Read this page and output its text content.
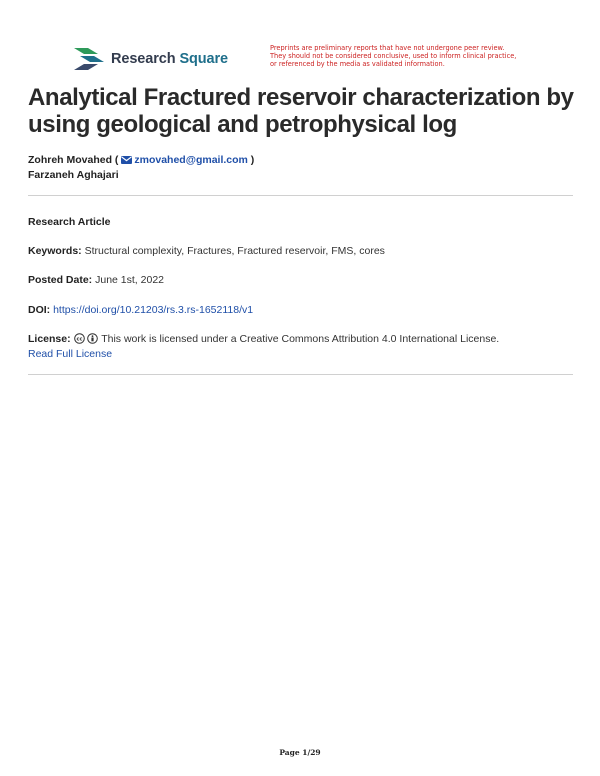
Research Square
Preprints are preliminary reports that have not undergone peer review.
They should not be considered conclusive, used to inform clinical practice,
or referenced by the media as validated information.
Analytical Fractured reservoir characterization by using geological and petrophysical log
Zohreh Movahed ( zmovahed@gmail.com )
Farzaneh Aghajari
Research Article
Keywords: Structural complexity, Fractures, Fractured reservoir, FMS, cores
Posted Date: June 1st, 2022
DOI: https://doi.org/10.21203/rs.3.rs-1652118/v1
License: cc This work is licensed under a Creative Commons Attribution 4.0 International License.
Read Full License
Page 1/29
